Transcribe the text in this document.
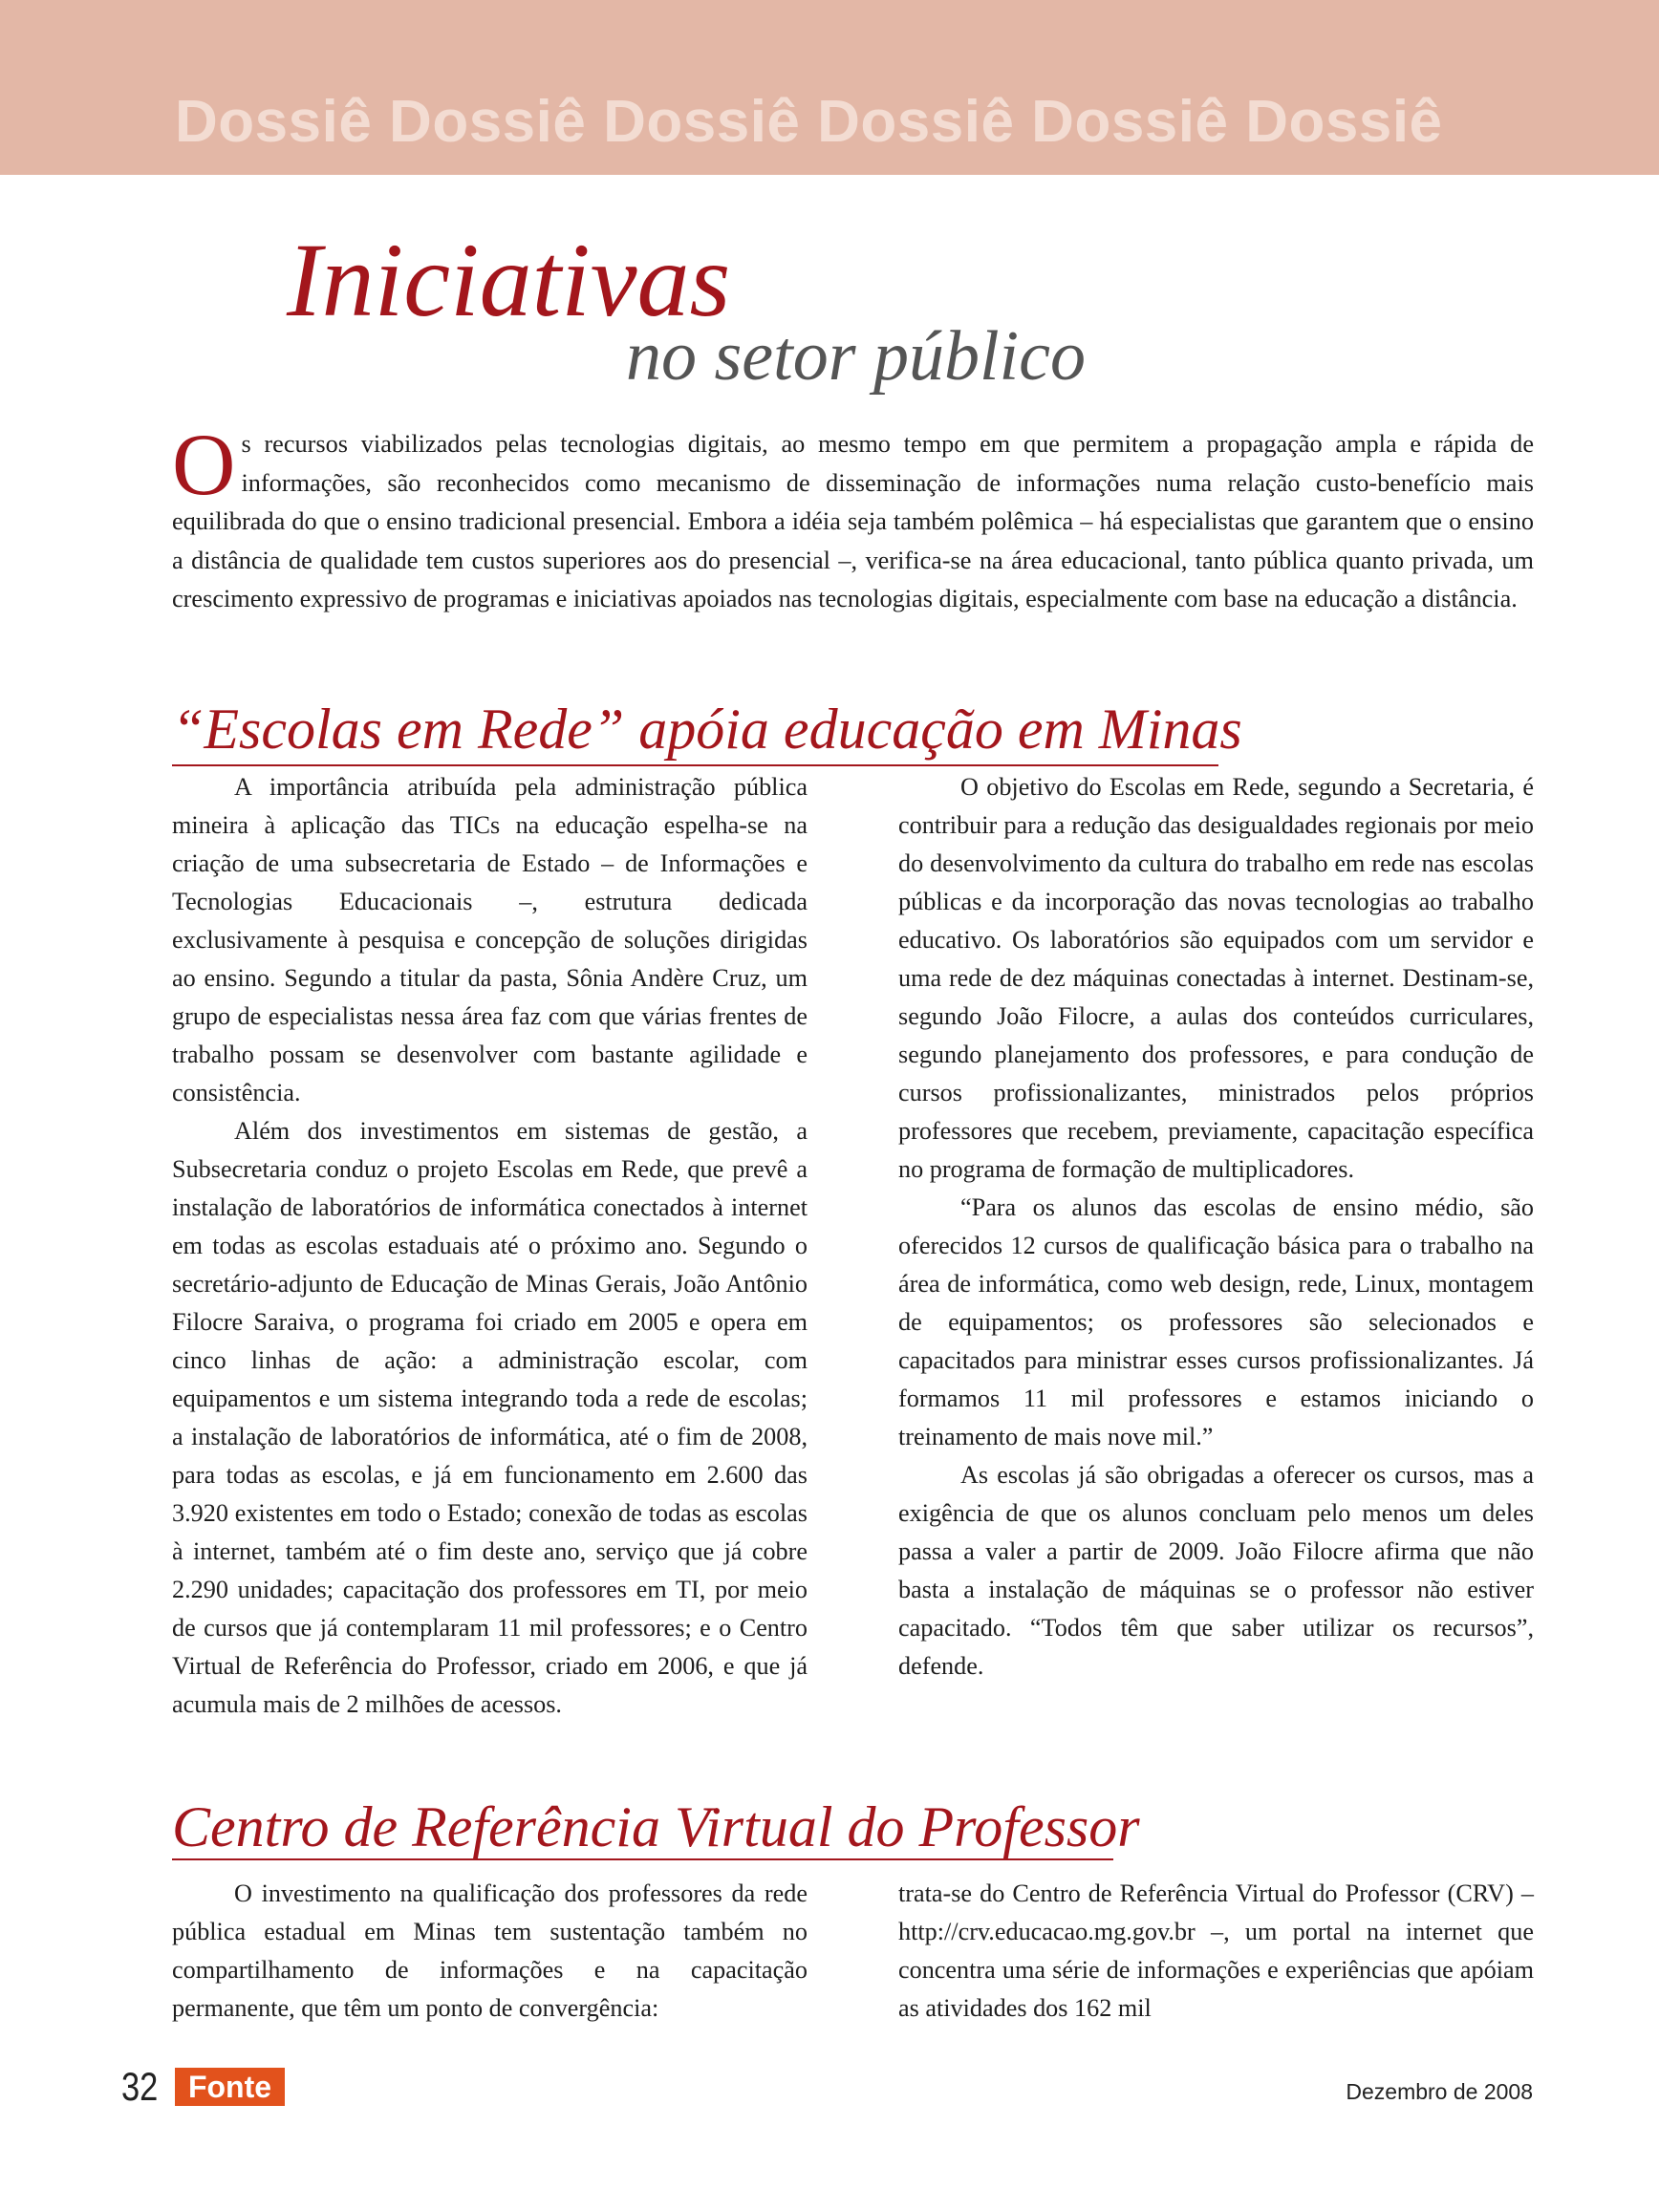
Dossiê Dossiê Dossiê Dossiê Dossiê Dossiê
Iniciativas
no setor público
Os recursos viabilizados pelas tecnologias digitais, ao mesmo tempo em que permitem a propagação ampla e rápida de informações, são reconhecidos como mecanismo de disseminação de informações numa relação custo-benefício mais equilibrada do que o ensino tradicional presencial. Embora a idéia seja também polêmica – há especialistas que garantem que o ensino a distância de qualidade tem custos superiores aos do presencial –, verifica-se na área educacional, tanto pública quanto privada, um crescimento expressivo de programas e iniciativas apoiados nas tecnologias digitais, especialmente com base na educação a distância.
“Escolas em Rede” apóia educação em Minas

A importância atribuída pela administração pública mineira à aplicação das TICs na educação espelha-se na criação de uma subsecretaria de Estado – de Informações e Tecnologias Educacionais –, estrutura dedicada exclusivamente à pesquisa e concepção de soluções dirigidas ao ensino. Segundo a titular da pasta, Sônia Andère Cruz, um grupo de especialistas nessa área faz com que várias frentes de trabalho possam se desenvolver com bastante agilidade e consistência.

Além dos investimentos em sistemas de gestão, a Subsecretaria conduz o projeto Escolas em Rede, que prevê a instalação de laboratórios de informática conectados à internet em todas as escolas estaduais até o próximo ano. Segundo o secretário-adjunto de Educação de Minas Gerais, João Antônio Filocre Saraiva, o programa foi criado em 2005 e opera em cinco linhas de ação: a administração escolar, com equipamentos e um sistema integrando toda a rede de escolas; a instalação de laboratórios de informática, até o fim de 2008, para todas as escolas, e já em funcionamento em 2.600 das 3.920 existentes em todo o Estado; conexão de todas as escolas à internet, também até o fim deste ano, serviço que já cobre 2.290 unidades; capacitação dos professores em TI, por meio de cursos que já contemplaram 11 mil professores; e o Centro Virtual de Referência do Professor, criado em 2006, e que já acumula mais de 2 milhões de acessos.

O objetivo do Escolas em Rede, segundo a Secretaria, é contribuir para a redução das desigualdades regionais por meio do desenvolvimento da cultura do trabalho em rede nas escolas públicas e da incorporação das novas tecnologias ao trabalho educativo. Os laboratórios são equipados com um servidor e uma rede de dez máquinas conectadas à internet. Destinam-se, segundo João Filocre, a aulas dos conteúdos curriculares, segundo planejamento dos professores, e para condução de cursos profissionalizantes, ministrados pelos próprios professores que recebem, previamente, capacitação específica no programa de formação de multiplicadores.

“Para os alunos das escolas de ensino médio, são oferecidos 12 cursos de qualificação básica para o trabalho na área de informática, como web design, rede, Linux, montagem de equipamentos; os professores são selecionados e capacitados para ministrar esses cursos profissionalizantes. Já formamos 11 mil professores e estamos iniciando o treinamento de mais nove mil.”

As escolas já são obrigadas a oferecer os cursos, mas a exigência de que os alunos concluam pelo menos um deles passa a valer a partir de 2009. João Filocre afirma que não basta a instalação de máquinas se o professor não estiver capacitado. “Todos têm que saber utilizar os recursos”, defende.

Centro de Referência Virtual do Professor

O investimento na qualificação dos professores da rede pública estadual em Minas tem sustentação também no compartilhamento de informações e na capacitação permanente, que têm um ponto de convergência:

trata-se do Centro de Referência Virtual do Professor (CRV) – http://crv.educacao.mg.gov.br –, um portal na internet que concentra uma série de informações e experiências que apóiam as atividades dos 162 mil

32 Fonte	Dezembro de 2008
